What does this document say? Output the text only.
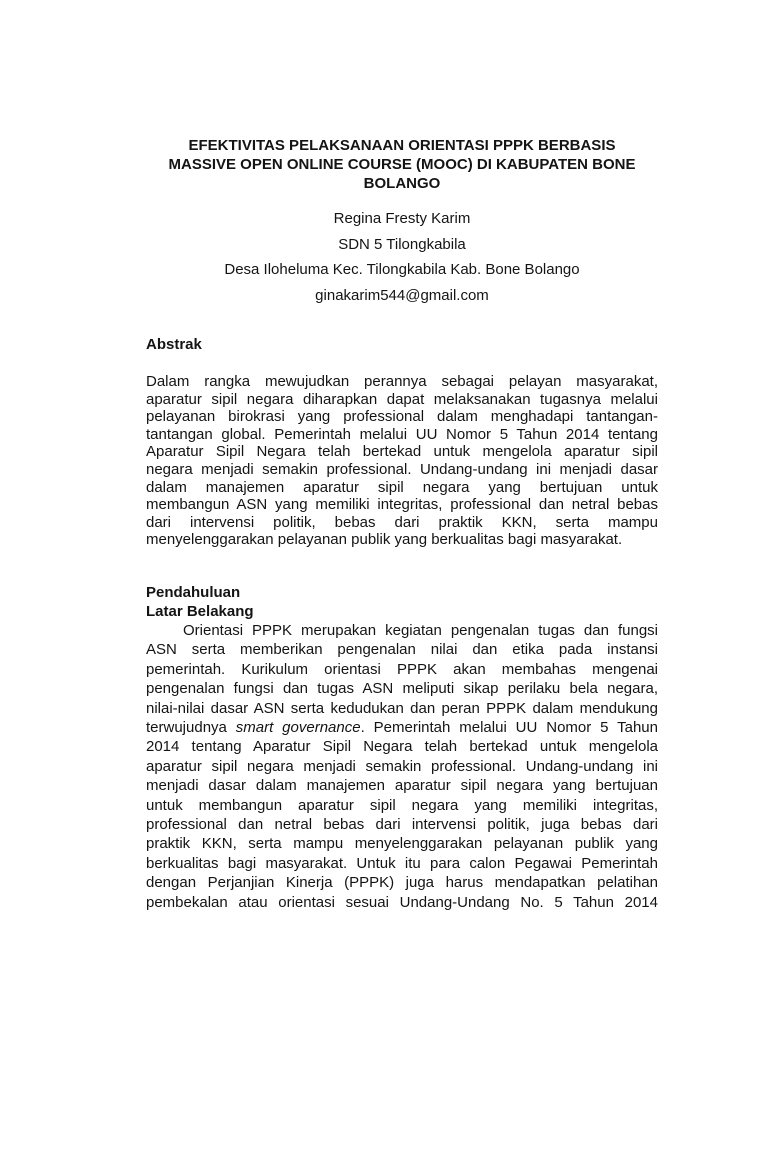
EFEKTIVITAS PELAKSANAAN ORIENTASI PPPK BERBASIS
MASSIVE OPEN ONLINE COURSE (MOOC) DI KABUPATEN BONE
BOLANGO
Regina Fresty Karim
SDN 5 Tilongkabila
Desa Iloheluma Kec. Tilongkabila Kab. Bone Bolango
ginakarim544@gmail.com
Abstrak
Dalam rangka mewujudkan perannya sebagai pelayan masyarakat,
aparatur sipil negara diharapkan dapat melaksanakan tugasnya melalui
pelayanan birokrasi yang professional dalam menghadapi tantangan-
tantangan global. Pemerintah melalui UU Nomor 5 Tahun 2014 tentang
Aparatur Sipil Negara telah bertekad untuk mengelola aparatur sipil
negara menjadi semakin professional. Undang-undang ini menjadi dasar
dalam manajemen aparatur sipil negara yang bertujuan untuk
membangun ASN yang memiliki integritas, professional dan netral bebas
dari intervensi politik, bebas dari praktik KKN, serta mampu
menyelenggarakan pelayanan publik yang berkualitas bagi masyarakat.
Pendahuluan
Latar Belakang
Orientasi PPPK merupakan kegiatan pengenalan tugas dan fungsi
ASN serta memberikan pengenalan nilai dan etika pada instansi
pemerintah. Kurikulum orientasi PPPK akan membahas mengenai
pengenalan fungsi dan tugas ASN meliputi sikap perilaku bela negara,
nilai-nilai dasar ASN serta kedudukan dan peran PPPK dalam mendukung
terwujudnya smart governance. Pemerintah melalui UU Nomor 5 Tahun
2014 tentang Aparatur Sipil Negara telah bertekad untuk mengelola
aparatur sipil negara menjadi semakin professional. Undang-undang ini
menjadi dasar dalam manajemen aparatur sipil negara yang bertujuan
untuk membangun aparatur sipil negara yang memiliki integritas,
professional dan netral bebas dari intervensi politik, juga bebas dari
praktik KKN, serta mampu menyelenggarakan pelayanan publik yang
berkualitas bagi masyarakat. Untuk itu para calon Pegawai Pemerintah
dengan Perjanjian Kinerja (PPPK) juga harus mendapatkan pelatihan
pembekalan atau orientasi sesuai Undang-Undang No. 5 Tahun 2014
